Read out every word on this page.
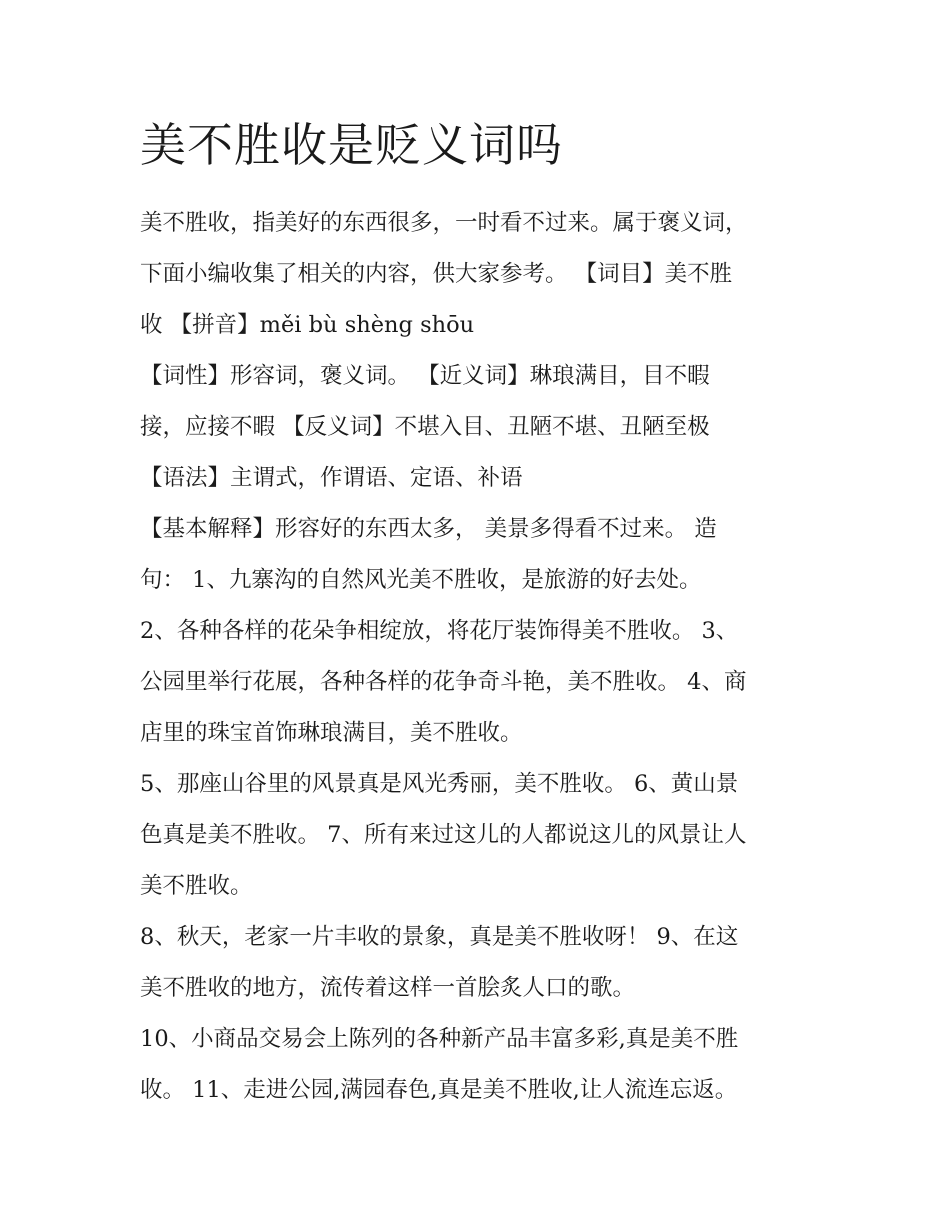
美不胜收是贬义词吗

美不胜收，指美好的东西很多，一时看不过来。属于褒义词，

下面小编收集了相关的内容，供大家参考。 【词目】美不胜

收 【拼音】měi bù shèng shōu

【词性】形容词，褒义词。 【近义词】琳琅满目，目不暇

接，应接不暇 【反义词】不堪入目、丑陋不堪、丑陋至极

【语法】主谓式，作谓语、定语、补语

【基本解释】形容好的东西太多， 美景多得看不过来。 造

句： 1、九寨沟的自然风光美不胜收，是旅游的好去处。

2、各种各样的花朵争相绽放，将花厅装饰得美不胜收。 3、

公园里举行花展，各种各样的花争奇斗艳，美不胜收。 4、商

店里的珠宝首饰琳琅满目，美不胜收。

5、那座山谷里的风景真是风光秀丽，美不胜收。 6、黄山景

色真是美不胜收。 7、所有来过这儿的人都说这儿的风景让人

美不胜收。

8、秋天，老家一片丰收的景象，真是美不胜收呀！ 9、在这

美不胜收的地方，流传着这样一首脍炙人口的歌。

10、小商品交易会上陈列的各种新产品丰富多彩,真是美不胜

收。 11、走进公园,满园春色,真是美不胜收,让人流连忘返。
